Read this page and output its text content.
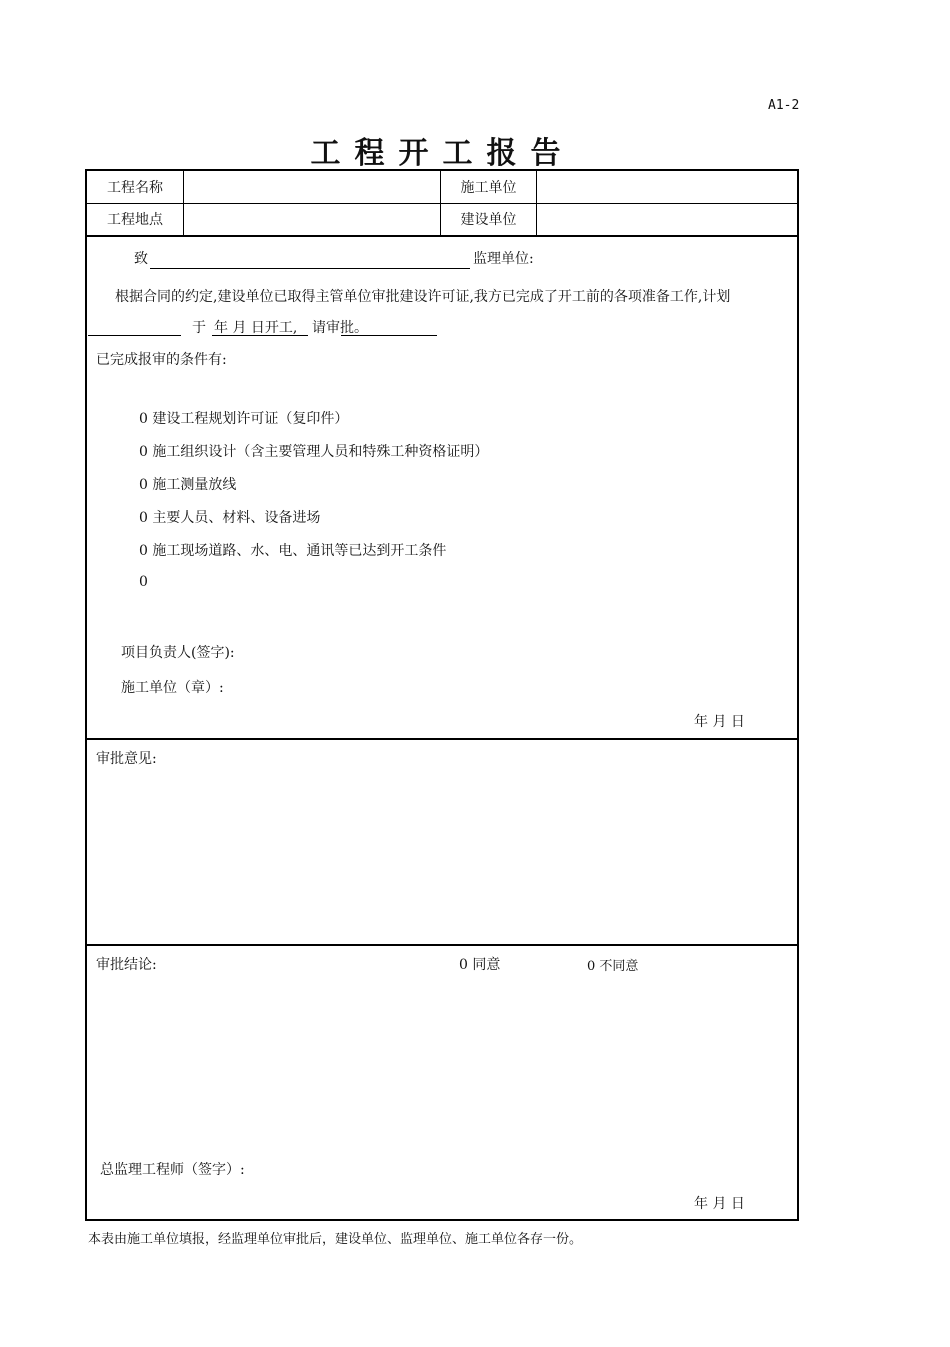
A1-2
工程开工报告
工程名称	施工单位
工程地点	建设单位
致	监理单位:
根据合同的约定,建设单位已取得主管单位审批建设许可证,我方已完成了开工前的各项准备工作,计划
于 年 月 日开工, 请审批。
已完成报审的条件有:
0 建设工程规划许可证（复印件）
0 施工组织设计（含主要管理人员和特殊工种资格证明）
0 施工测量放线
0 主要人员、材料、设备进场
0 施工现场道路、水、电、通讯等已达到开工条件
0
项目负责人(签字):
施工单位（章）:
年 月 日
审批意见:
审批结论:	0 同意	0 不同意
总监理工程师（签字）:
年 月 日
本表由施工单位填报，经监理单位审批后，建设单位、监理单位、施工单位各存一份。
